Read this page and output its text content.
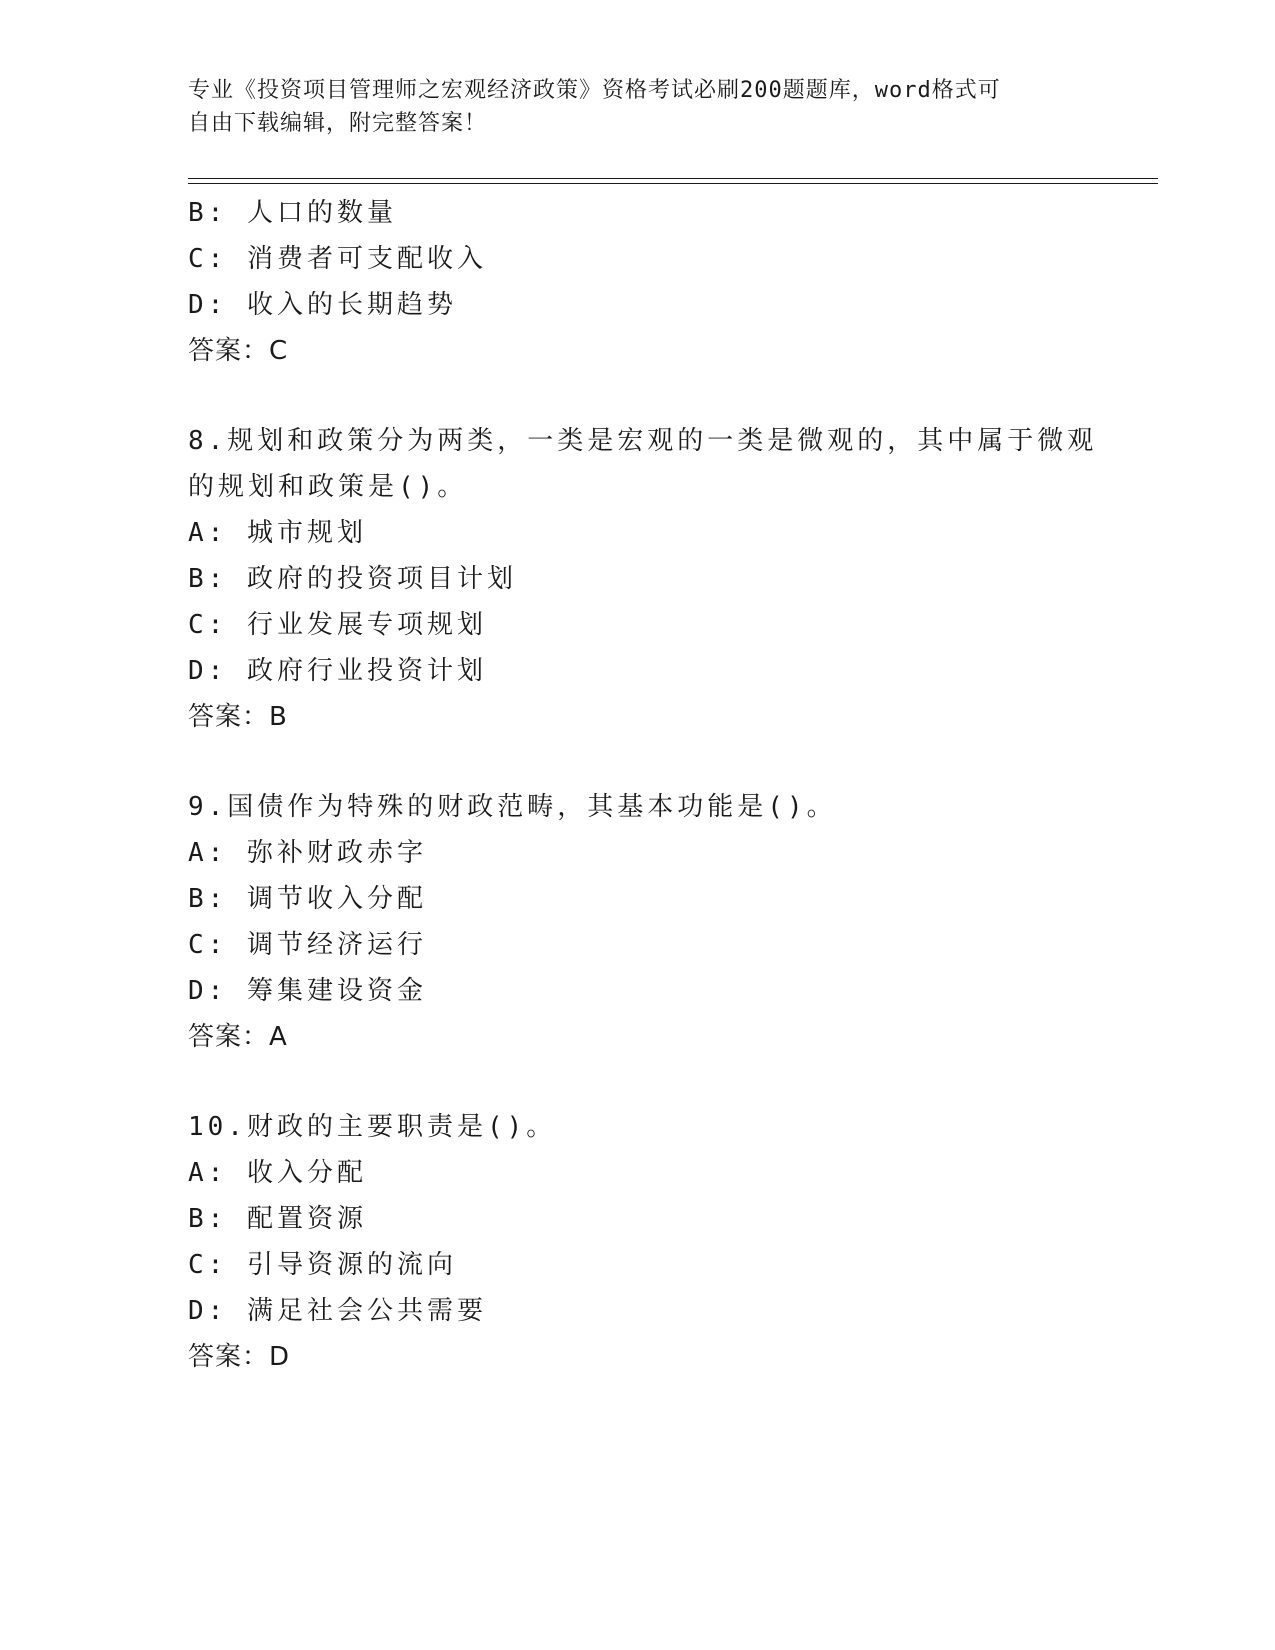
专业《投资项目管理师之宏观经济政策》资格考试必刷200题题库，word格式可
自由下载编辑，附完整答案！
B: 人口的数量
C: 消费者可支配收入
D: 收入的长期趋势
答案：C
8.规划和政策分为两类，一类是宏观的一类是微观的，其中属于微观
的规划和政策是()。
A: 城市规划
B: 政府的投资项目计划
C: 行业发展专项规划
D: 政府行业投资计划
答案：B
9.国债作为特殊的财政范畴，其基本功能是()。
A: 弥补财政赤字
B: 调节收入分配
C: 调节经济运行
D: 筹集建设资金
答案：A
10.财政的主要职责是()。
A: 收入分配
B: 配置资源
C: 引导资源的流向
D: 满足社会公共需要
答案：D
